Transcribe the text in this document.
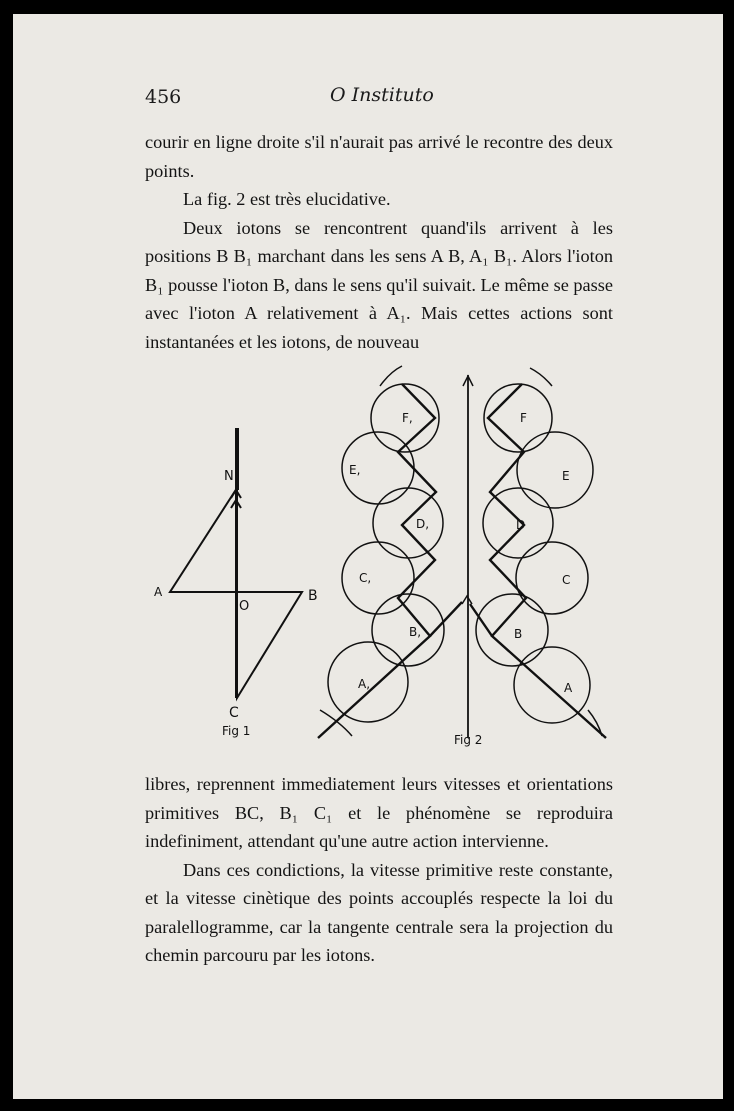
456	O Instituto

courir en ligne droite s'il n'aurait pas arrivé le recontre des deux points.

La fig. 2 est très elucidative.

Deux iotons se rencontrent quand'ils arrivent à les positions B B₁ marchant dans les sens A B, A₁ B₁. Alors l'ioton B₁ pousse l'ioton B, dans le sens qu'il suivait. Le même se passe avec l'ioton A relativement à A₁. Mais cettes actions sont instantanées et les iotons, de nouveau

N
A	B
O
C
Fig 1
F,
E,
D,
C,
B,
A,
F
E
D
C
B
A
Fig 2

libres, reprennent immediatement leurs vitesses et orientations primitives BC, B₁ C₁ et le phénomène se reproduira indefiniment, attendant qu'une autre action intervienne.

Dans ces condictions, la vitesse primitive reste constante, et la vitesse cinètique des points accouplés respecte la loi du paralellogramme, car la tangente centrale sera la projection du chemin parcouru par les iotons.
